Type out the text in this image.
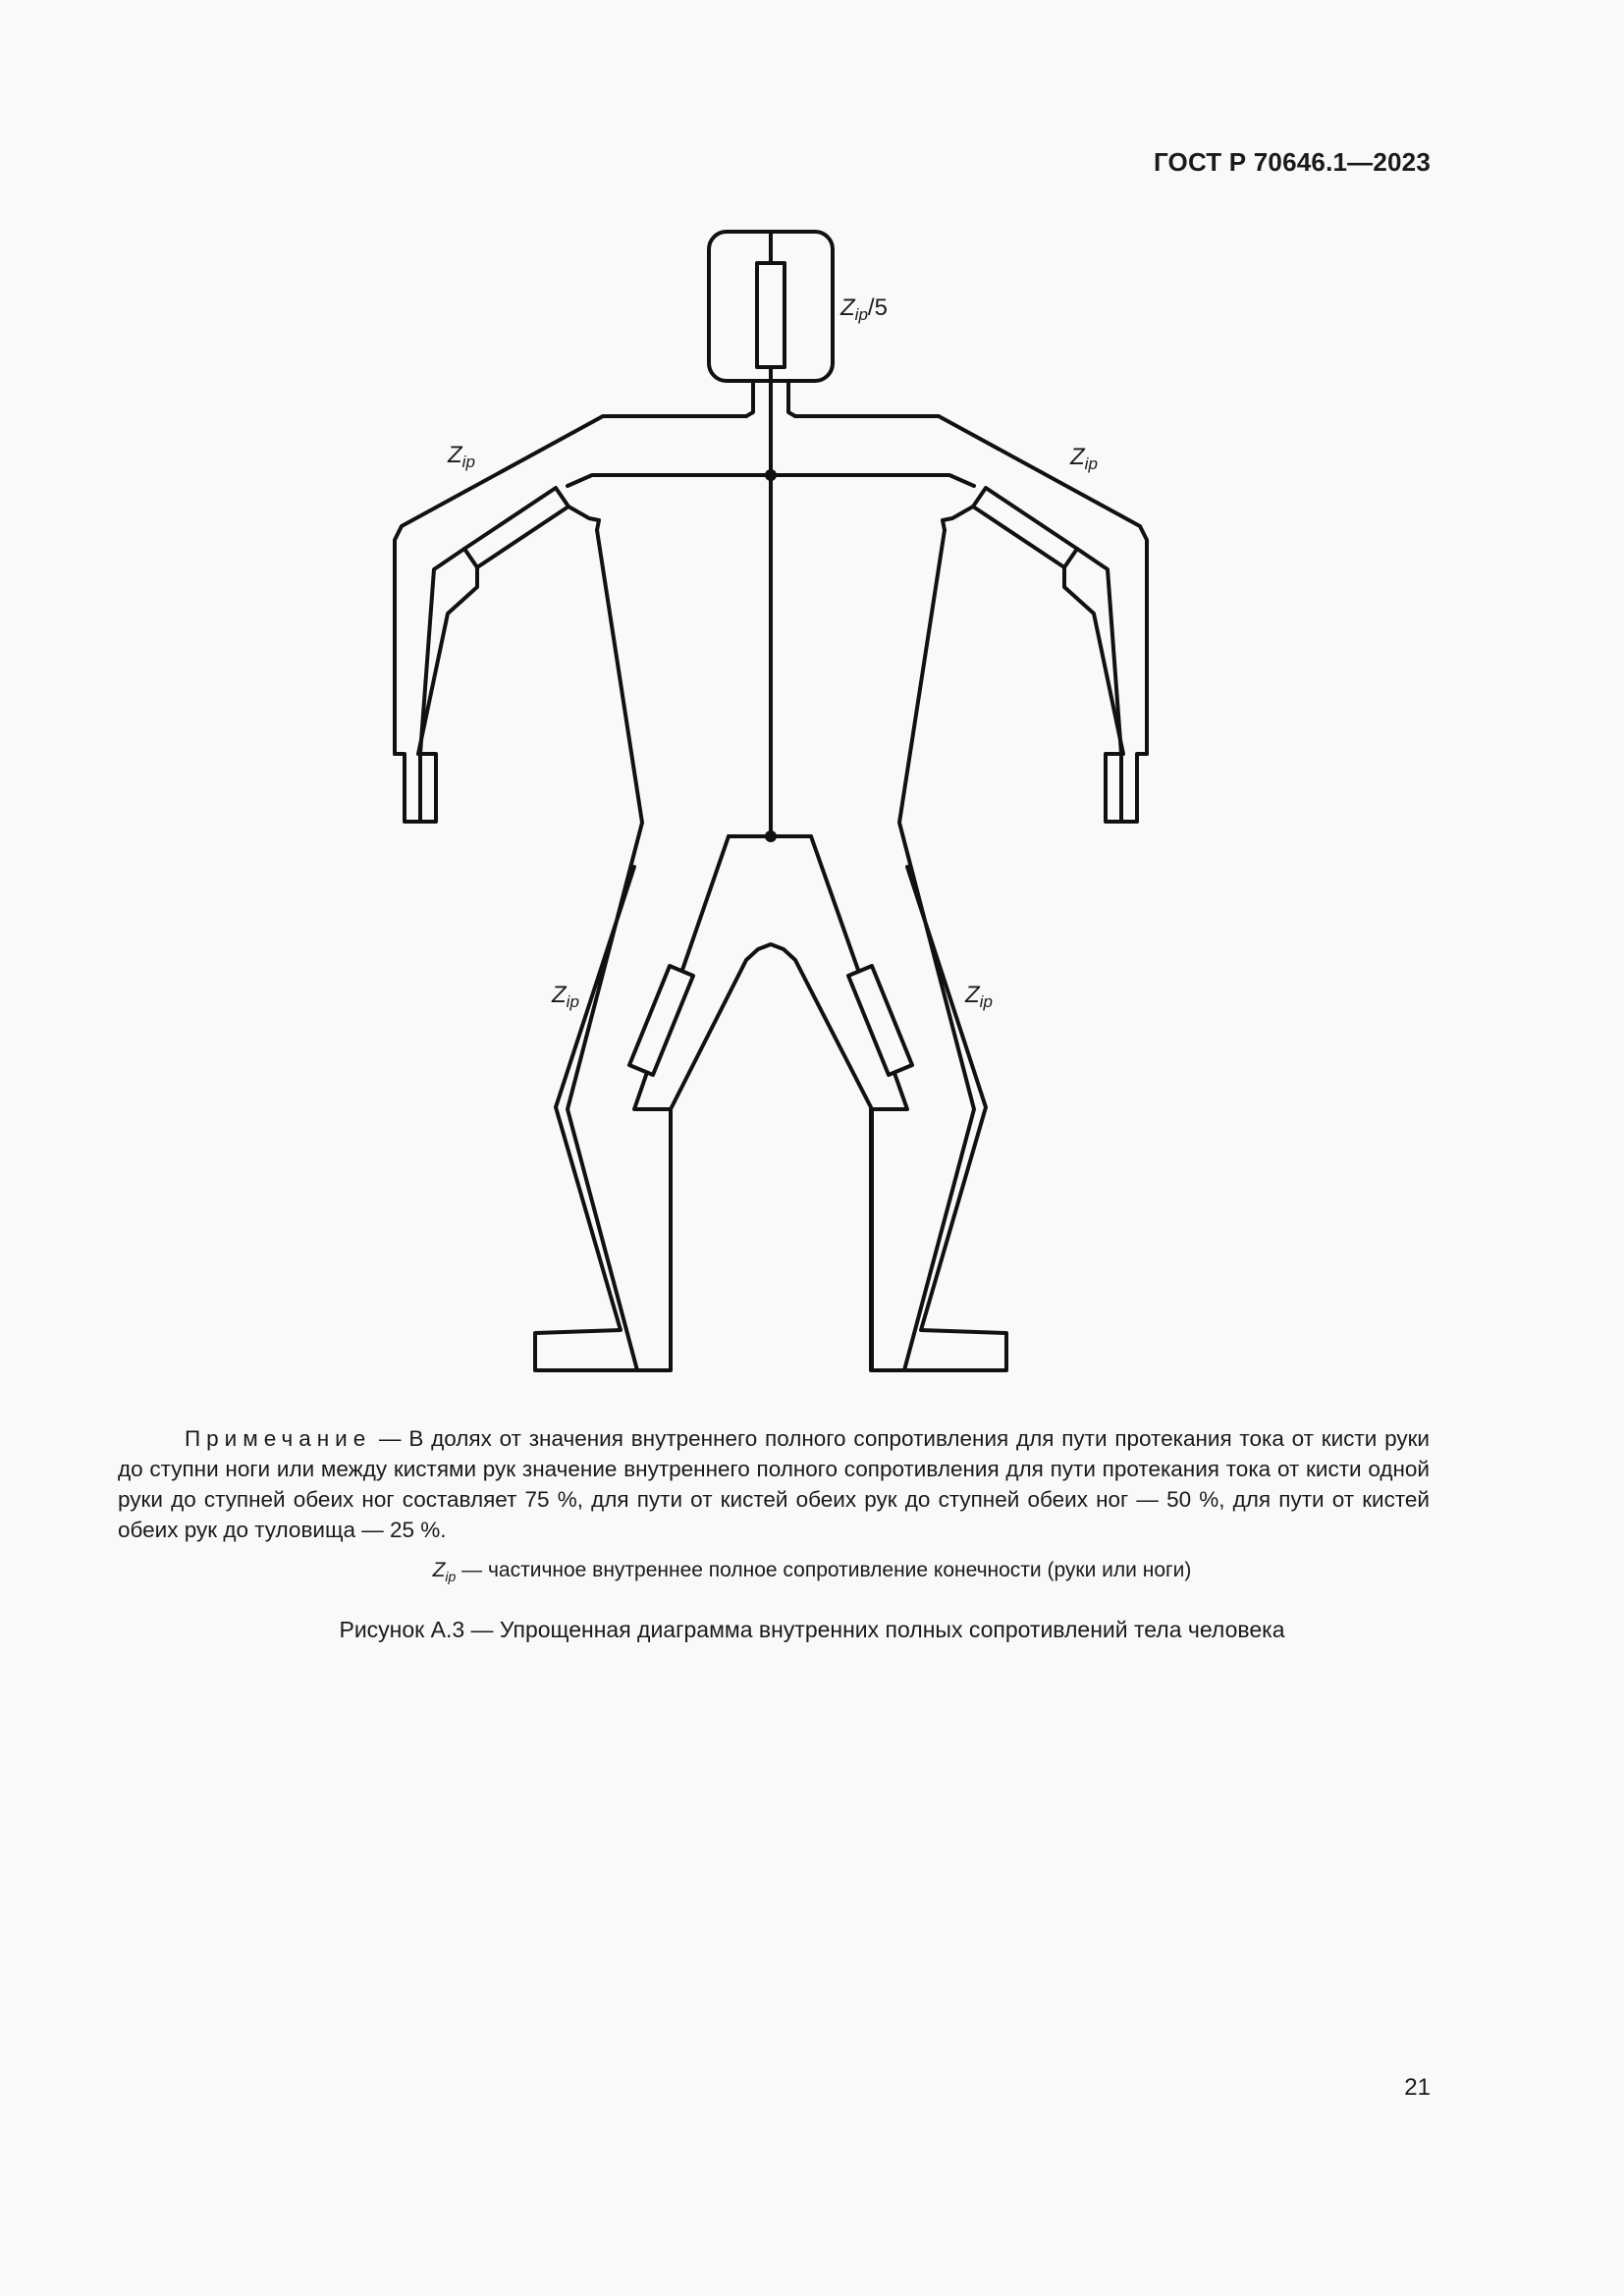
ГОСТ Р 70646.1—2023
$Z_{ip}/5$
$Z_{ip}$	$Z_{ip}$
$Z_{ip}$	$Z_{ip}$
Примечание — В долях от значения внутреннего полного сопротивления для пути протекания тока от кисти руки до ступни ноги или между кистями рук значение внутреннего полного сопротивления для пути протекания тока от кисти одной руки до ступней обеих ног составляет 75 %, для пути от кистей обеих рук до ступней обеих ног — 50 %, для пути от кистей обеих рук до туловища — 25 %.
$Z_{ip}$ — частичное внутреннее полное сопротивление конечности (руки или ноги)
Рисунок А.3 — Упрощенная диаграмма внутренних полных сопротивлений тела человека
21
